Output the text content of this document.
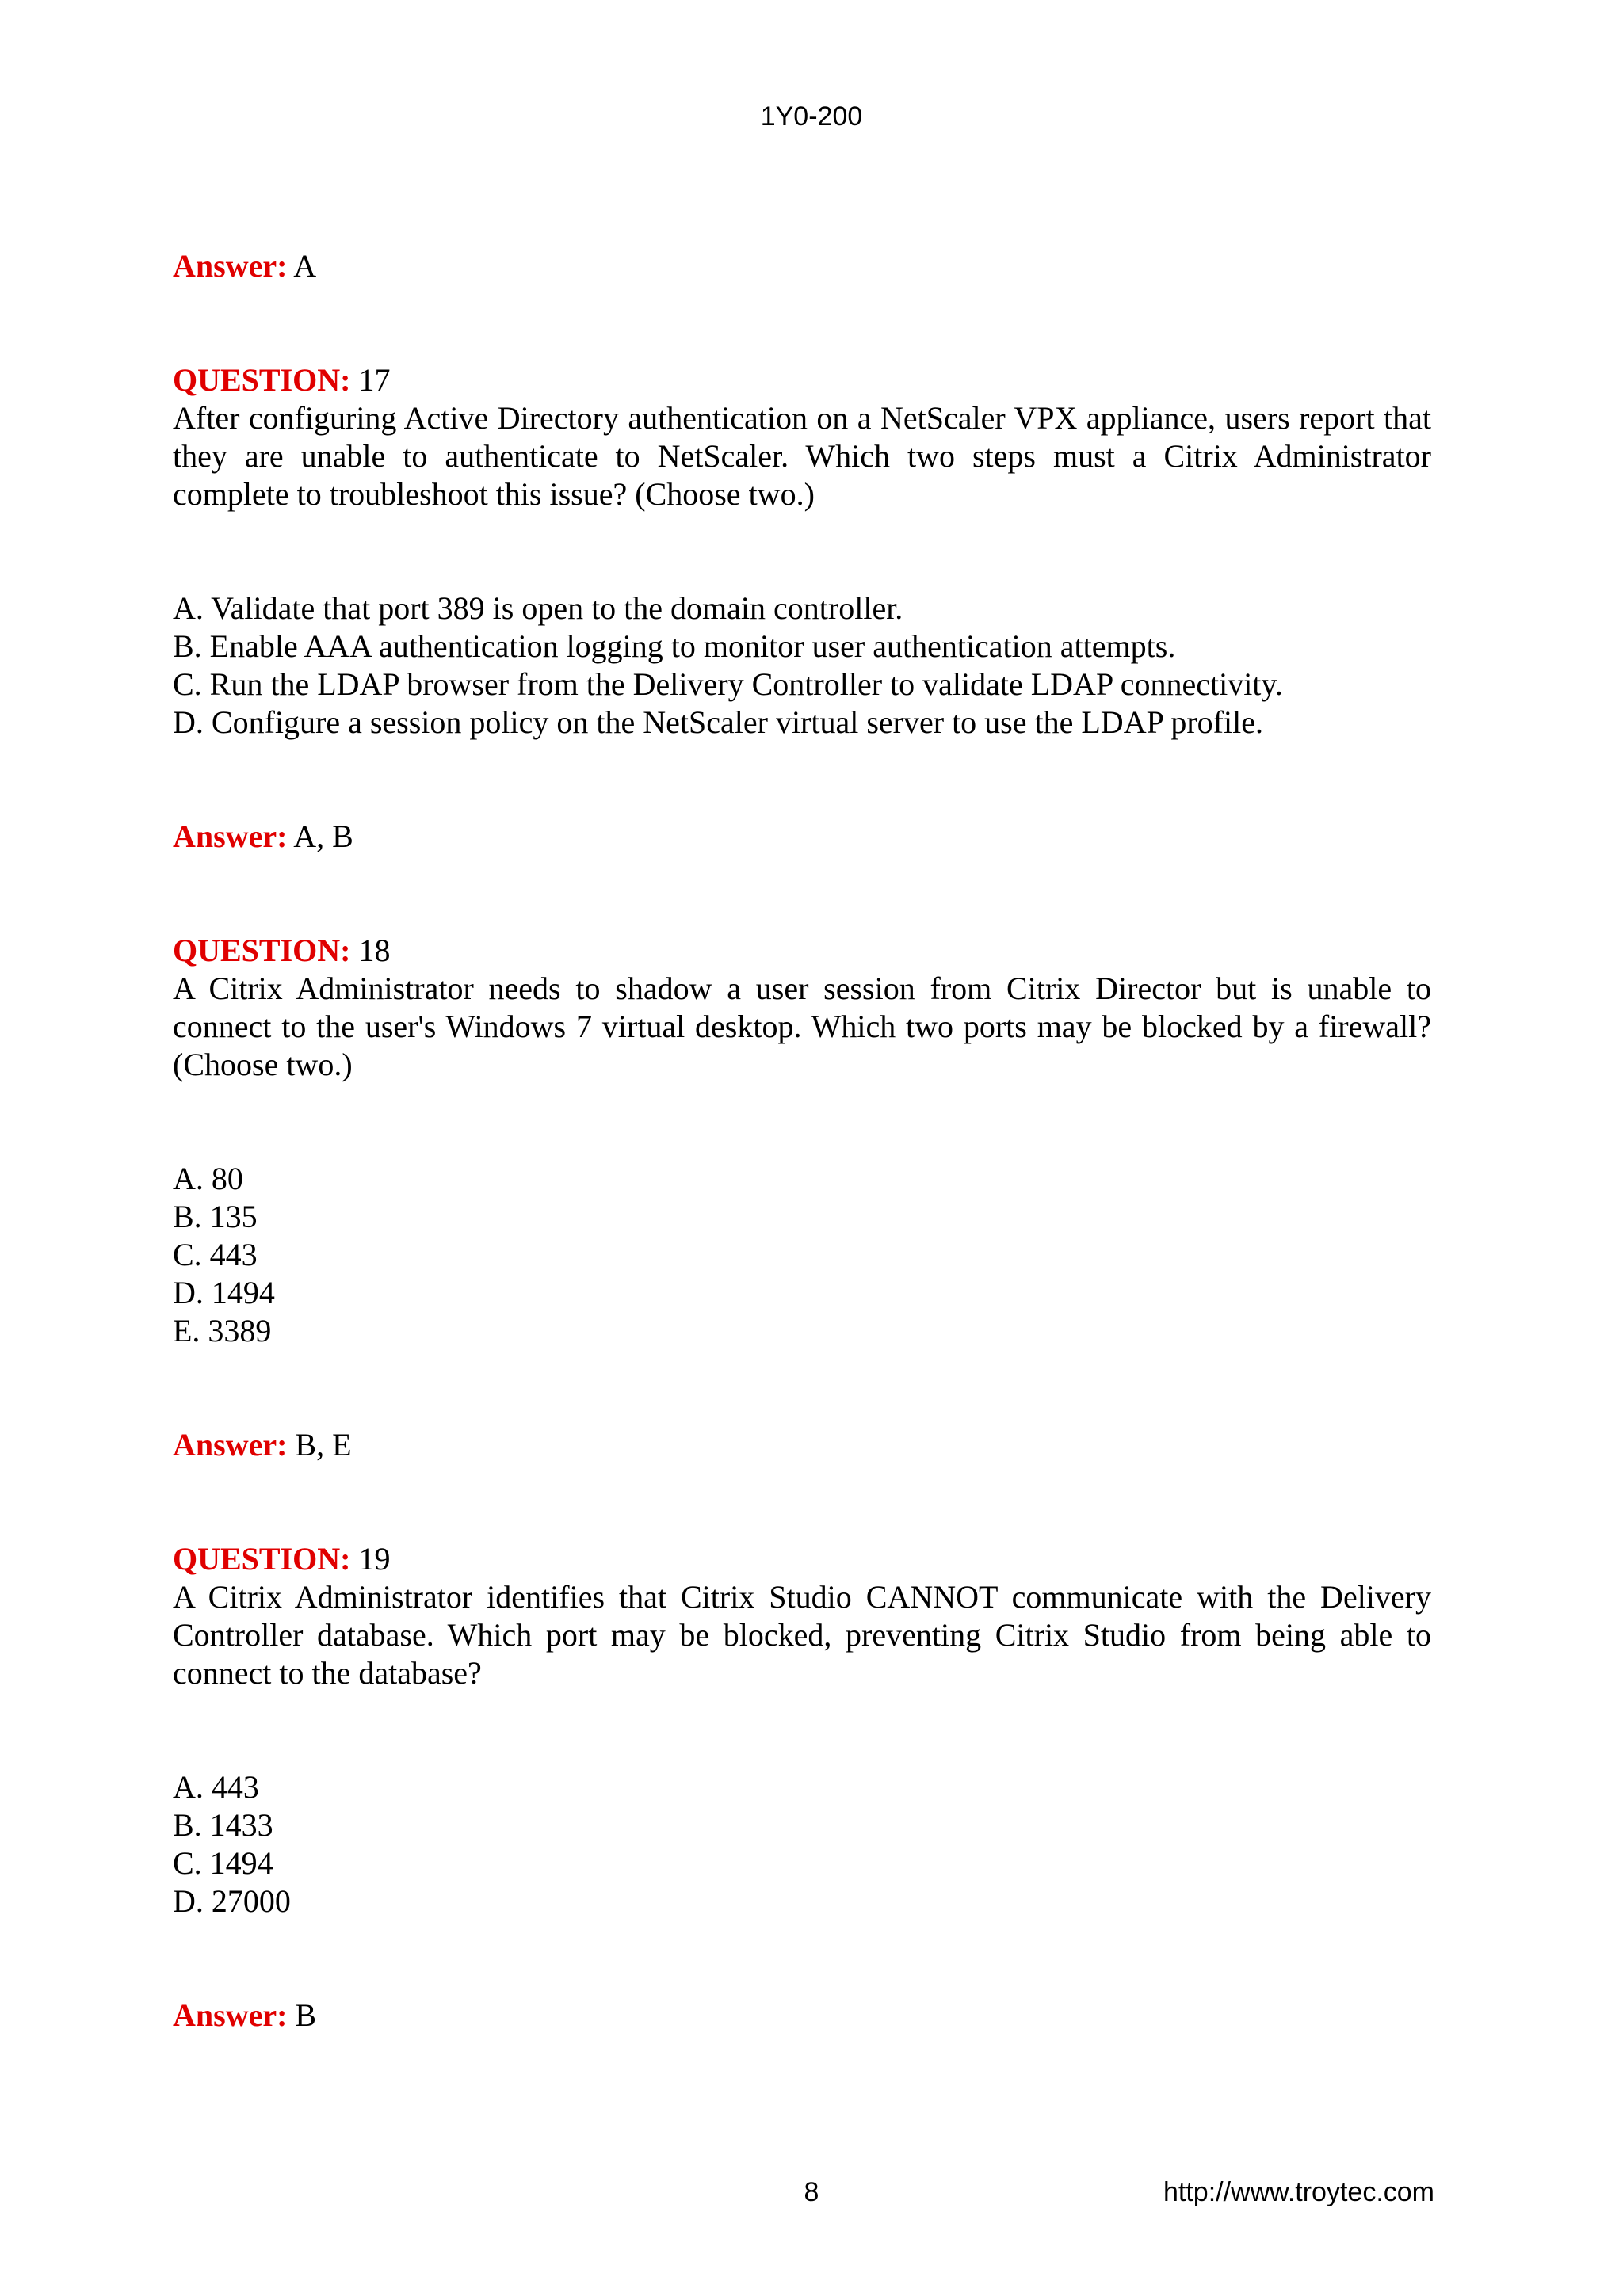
1Y0-200
Answer: A
QUESTION: 17
After configuring Active Directory authentication on a NetScaler VPX appliance, users report that they are unable to authenticate to NetScaler. Which two steps must a Citrix Administrator complete to troubleshoot this issue? (Choose two.)
A. Validate that port 389 is open to the domain controller.
B. Enable AAA authentication logging to monitor user authentication attempts.
C. Run the LDAP browser from the Delivery Controller to validate LDAP connectivity.
D. Configure a session policy on the NetScaler virtual server to use the LDAP profile.
Answer: A, B
QUESTION: 18
A Citrix Administrator needs to shadow a user session from Citrix Director but is unable to connect to the user's Windows 7 virtual desktop. Which two ports may be blocked by a firewall? (Choose two.)
A. 80
B. 135
C. 443
D. 1494
E. 3389
Answer: B, E
QUESTION: 19
A Citrix Administrator identifies that Citrix Studio CANNOT communicate with the Delivery Controller database. Which port may be blocked, preventing Citrix Studio from being able to connect to the database?
A. 443
B. 1433
C. 1494
D. 27000
Answer: B
8	http://www.troytec.com
